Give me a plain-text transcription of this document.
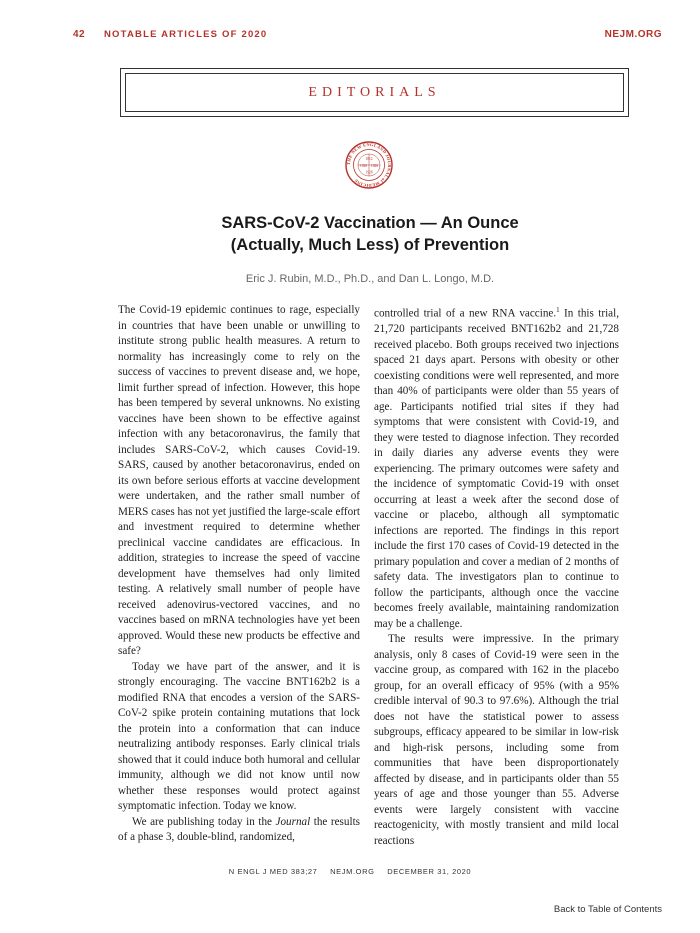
42 NOTABLE ARTICLES OF 2020	NEJM.ORG
EDITORIALS
THE NEW ENGLAND JOURNAL of MEDICINE
1812
1828 1826
1928
SARS-CoV-2 Vaccination — An Ounce
(Actually, Much Less) of Prevention
Eric J. Rubin, M.D., Ph.D., and Dan L. Longo, M.D.

The Covid-19 epidemic continues to rage, especially in countries that have been unable or unwilling to institute strong public health measures. A return to normality has increasingly come to rely on the success of vaccines to prevent disease and, we hope, limit further spread of infection. However, this hope has been tempered by several unknowns. No existing vaccines have been shown to be effective against infection with any betacoronavirus, the family that includes SARS-CoV-2, which causes Covid-19. SARS, caused by another betacoronavirus, ended on its own before serious efforts at vaccine development were undertaken, and the rather small number of MERS cases has not yet justified the large-scale effort and investment required to determine whether preclinical vaccine candidates are efficacious. In addition, strategies to increase the speed of vaccine development have themselves had only limited testing. A relatively small number of people have received adenovirus-vectored vaccines, and no vaccines based on mRNA technologies have yet been approved. Would these new products be effective and safe?

Today we have part of the answer, and it is strongly encouraging. The vaccine BNT162b2 is a modified RNA that encodes a version of the SARS-CoV-2 spike protein containing mutations that lock the protein into a conformation that can induce neutralizing antibody responses. Early clinical trials showed that it could induce both humoral and cellular immunity, although we did not know until now whether these responses would protect against symptomatic infection. Today we know.

We are publishing today in the Journal the results of a phase 3, double-blind, randomized,

controlled trial of a new RNA vaccine.$^1$ In this trial, 21,720 participants received BNT162b2 and 21,728 received placebo. Both groups received two injections spaced 21 days apart. Persons with obesity or other coexisting conditions were well represented, and more than 40% of participants were older than 55 years of age. Participants notified trial sites if they had symptoms that were consistent with Covid-19, and they were tested to diagnose infection. They recorded in daily diaries any adverse events they were experiencing. The primary outcomes were safety and the incidence of symptomatic Covid-19 with onset occurring at least a week after the second dose of vaccine or placebo, although all symptomatic infections are reported. The findings in this report include the first 170 cases of Covid-19 detected in the primary population and cover a median of 2 months of safety data. The investigators plan to continue to follow the participants, although once the vaccine becomes freely available, maintaining randomization may be a challenge.

The results were impressive. In the primary analysis, only 8 cases of Covid-19 were seen in the vaccine group, as compared with 162 in the placebo group, for an overall efficacy of 95% (with a 95% credible interval of 90.3 to 97.6%). Although the trial does not have the statistical power to assess subgroups, efficacy appeared to be similar in low-risk and high-risk persons, including some from communities that have been disproportionately affected by disease, and in participants older than 55 years of age and those younger than 55. Adverse events were largely consistent with vaccine reactogenicity, with mostly transient and mild local reactions

N ENGL J MED 383;27 NEJM.ORG DECEMBER 31, 2020
Back to Table of Contents
